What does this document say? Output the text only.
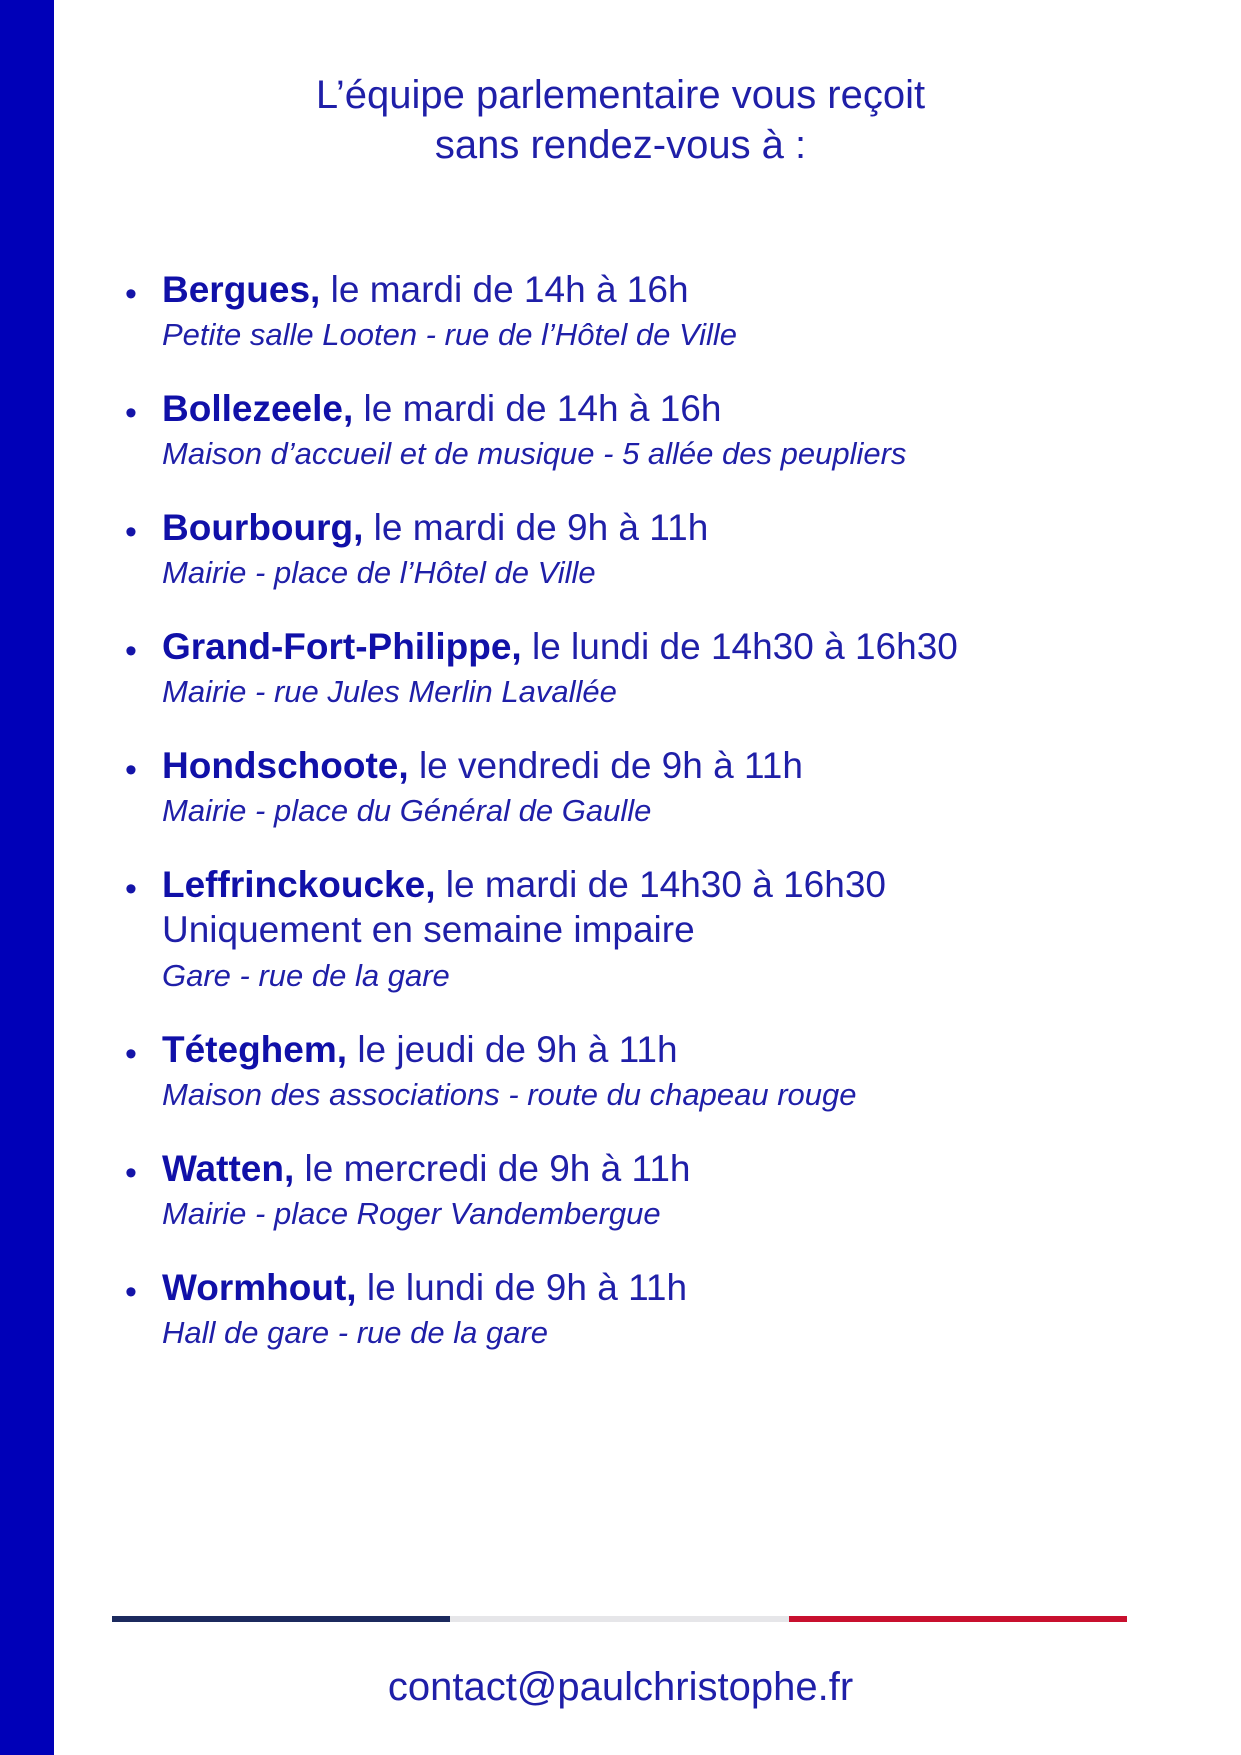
L’équipe parlementaire vous reçoit
sans rendez-vous à :
• Bergues, le mardi de 14h à 16h
Petite salle Looten - rue de l’Hôtel de Ville
• Bollezeele, le mardi de 14h à 16h
Maison d’accueil et de musique - 5 allée des peupliers
• Bourbourg, le mardi de 9h à 11h
Mairie - place de l’Hôtel de Ville
• Grand-Fort-Philippe, le lundi de 14h30 à 16h30
Mairie - rue Jules Merlin Lavallée
• Hondschoote, le vendredi de 9h à 11h
Mairie - place du Général de Gaulle
• Leffrinckoucke, le mardi de 14h30 à 16h30
Uniquement en semaine impaire
Gare - rue de la gare
• Téteghem, le jeudi de 9h à 11h
Maison des associations - route du chapeau rouge
• Watten, le mercredi de 9h à 11h
Mairie - place Roger Vandembergue
• Wormhout, le lundi de 9h à 11h
Hall de gare - rue de la gare
contact@paulchristophe.fr
